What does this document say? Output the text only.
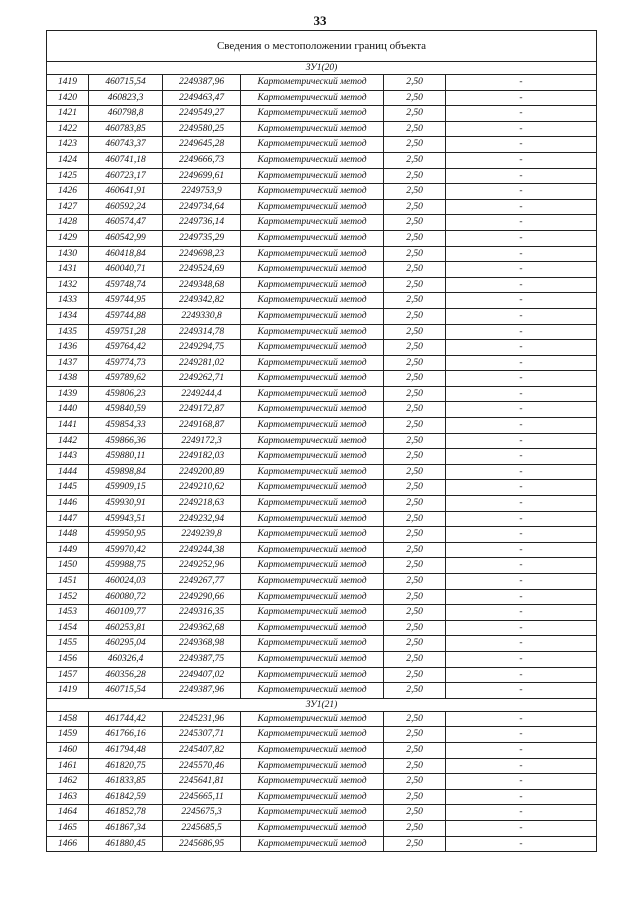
33
Сведения о местоположении границ объекта					
ЗУ1(20)					
1419	460715,54	2249387,96	Картометрический метод	2,50	-
1420	460823,3	2249463,47	Картометрический метод	2,50	-
1421	460798,8	2249549,27	Картометрический метод	2,50	-
1422	460783,85	2249580,25	Картометрический метод	2,50	-
1423	460743,37	2249645,28	Картометрический метод	2,50	-
1424	460741,18	2249666,73	Картометрический метод	2,50	-
1425	460723,17	2249699,61	Картометрический метод	2,50	-
1426	460641,91	2249753,9	Картометрический метод	2,50	-
1427	460592,24	2249734,64	Картометрический метод	2,50	-
1428	460574,47	2249736,14	Картометрический метод	2,50	-
1429	460542,99	2249735,29	Картометрический метод	2,50	-
1430	460418,84	2249698,23	Картометрический метод	2,50	-
1431	460040,71	2249524,69	Картометрический метод	2,50	-
1432	459748,74	2249348,68	Картометрический метод	2,50	-
1433	459744,95	2249342,82	Картометрический метод	2,50	-
1434	459744,88	2249330,8	Картометрический метод	2,50	-
1435	459751,28	2249314,78	Картометрический метод	2,50	-
1436	459764,42	2249294,75	Картометрический метод	2,50	-
1437	459774,73	2249281,02	Картометрический метод	2,50	-
1438	459789,62	2249262,71	Картометрический метод	2,50	-
1439	459806,23	2249244,4	Картометрический метод	2,50	-
1440	459840,59	2249172,87	Картометрический метод	2,50	-
1441	459854,33	2249168,87	Картометрический метод	2,50	-
1442	459866,36	2249172,3	Картометрический метод	2,50	-
1443	459880,11	2249182,03	Картометрический метод	2,50	-
1444	459898,84	2249200,89	Картометрический метод	2,50	-
1445	459909,15	2249210,62	Картометрический метод	2,50	-
1446	459930,91	2249218,63	Картометрический метод	2,50	-
1447	459943,51	2249232,94	Картометрический метод	2,50	-
1448	459950,95	2249239,8	Картометрический метод	2,50	-
1449	459970,42	2249244,38	Картометрический метод	2,50	-
1450	459988,75	2249252,96	Картометрический метод	2,50	-
1451	460024,03	2249267,77	Картометрический метод	2,50	-
1452	460080,72	2249290,66	Картометрический метод	2,50	-
1453	460109,77	2249316,35	Картометрический метод	2,50	-
1454	460253,81	2249362,68	Картометрический метод	2,50	-
1455	460295,04	2249368,98	Картометрический метод	2,50	-
1456	460326,4	2249387,75	Картометрический метод	2,50	-
1457	460356,28	2249407,02	Картометрический метод	2,50	-
1419	460715,54	2249387,96	Картометрический метод	2,50	-
ЗУ1(21)					
1458	461744,42	2245231,96	Картометрический метод	2,50	-
1459	461766,16	2245307,71	Картометрический метод	2,50	-
1460	461794,48	2245407,82	Картометрический метод	2,50	-
1461	461820,75	2245570,46	Картометрический метод	2,50	-
1462	461833,85	2245641,81	Картометрический метод	2,50	-
1463	461842,59	2245665,11	Картометрический метод	2,50	-
1464	461852,78	2245675,3	Картометрический метод	2,50	-
1465	461867,34	2245685,5	Картометрический метод	2,50	-
1466	461880,45	2245686,95	Картометрический метод	2,50	-
